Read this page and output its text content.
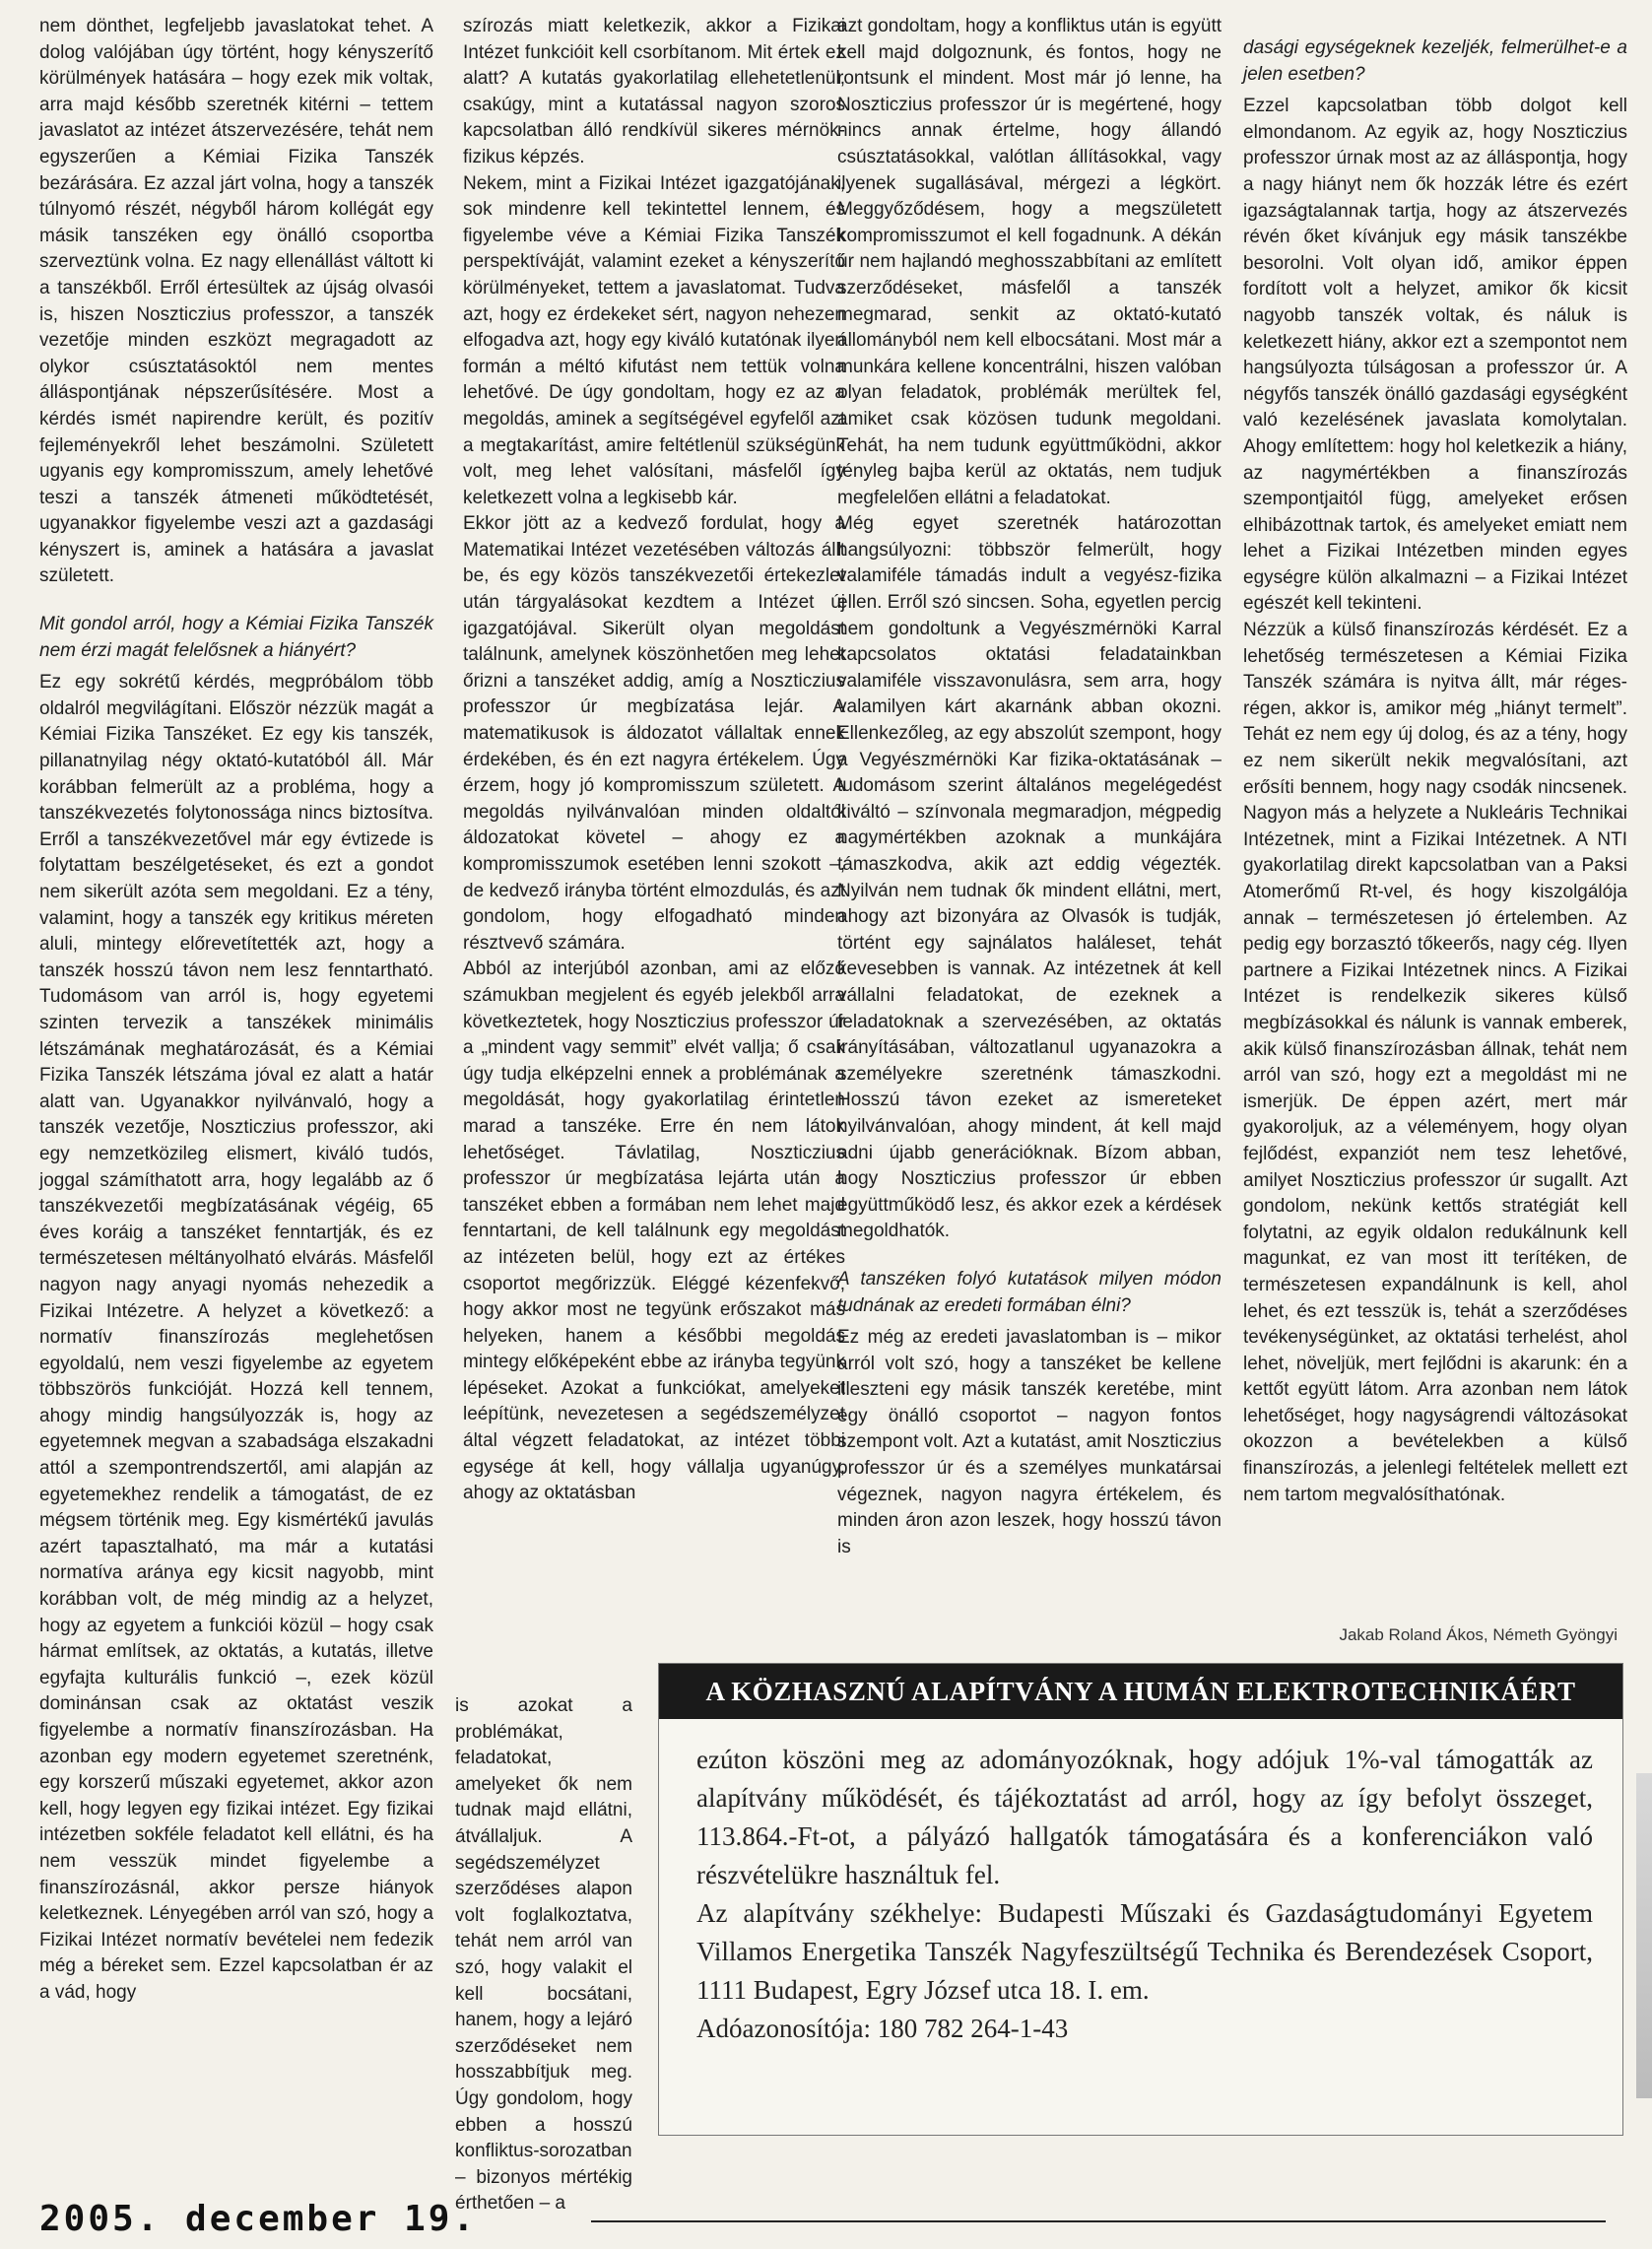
nem dönthet, legfeljebb javaslatokat tehet. A dolog valójában úgy történt, hogy kényszerítő körülmények hatására – hogy ezek mik voltak, arra majd később szeretnék kitérni – tettem javaslatot az intézet átszervezésére, tehát nem egyszerűen a Kémiai Fizika Tanszék bezárására. Ez azzal járt volna, hogy a tanszék túlnyomó részét, négyből három kollégát egy másik tanszéken egy önálló csoportba szerveztünk volna. Ez nagy ellenállást váltott ki a tanszékből. Erről értesültek az újság olvasói is, hiszen Noszticzius professzor, a tanszék vezetője minden eszközt megragadott az olykor csúsztatásoktól nem mentes álláspontjának népszerűsítésére. Most a kérdés ismét napirendre került, és pozitív fejleményekről lehet beszámolni. Született ugyanis egy kompromisszum, amely lehetővé teszi a tanszék átmeneti működtetését, ugyanakkor figyelembe veszi azt a gazdasági kényszert is, aminek a hatására a javaslat született.

Mit gondol arról, hogy a Kémiai Fizika Tanszék nem érzi magát felelősnek a hiányért?

Ez egy sokrétű kérdés, megpróbálom több oldalról megvilágítani. Először nézzük magát a Kémiai Fizika Tanszéket. Ez egy kis tanszék, pillanatnyilag négy oktató-kutatóból áll. Már korábban felmerült az a probléma, hogy a tanszékvezetés folytonossága nincs biztosítva. Erről a tanszékvezetővel már egy évtizede is folytattam beszélgetéseket, és ezt a gondot nem sikerült azóta sem megoldani. Ez a tény, valamint, hogy a tanszék egy kritikus méreten aluli, mintegy előrevetítették azt, hogy a tanszék hosszú távon nem lesz fenntartható. Tudomásom van arról is, hogy egyetemi szinten tervezik a tanszékek minimális létszámának meghatározását, és a Kémiai Fizika Tanszék létszáma jóval ez alatt a határ alatt van. Ugyanakkor nyilvánvaló, hogy a tanszék vezetője, Noszticzius professzor, aki egy nemzetközileg elismert, kiváló tudós, joggal számíthatott arra, hogy legalább az ő tanszékvezetői megbízatásának végéig, 65 éves koráig a tanszéket fenntartják, és ez természetesen méltányolható elvárás. Másfelől nagyon nagy anyagi nyomás nehezedik a Fizikai Intézetre. A helyzet a következő: a normatív finanszírozás meglehetősen egyoldalú, nem veszi figyelembe az egyetem többszörös funkcióját. Hozzá kell tennem, ahogy mindig hangsúlyozzák is, hogy az egyetemnek megvan a szabadsága elszakadni attól a szempontrendszertől, ami alapján az egyetemekhez rendelik a támogatást, de ez mégsem történik meg. Egy kismértékű javulás azért tapasztalható, ma már a kutatási normatíva aránya egy kicsit nagyobb, mint korábban volt, de még mindig az a helyzet, hogy az egyetem a funkciói közül – hogy csak hármat említsek, az oktatás, a kutatás, illetve egyfajta kulturális funkció –, ezek közül dominánsan csak az oktatást veszik figyelembe a normatív finanszírozásban. Ha azonban egy modern egyetemet szeretnénk, egy korszerű műszaki egyetemet, akkor azon kell, hogy legyen egy fizikai intézet. Egy fizikai intézetben sokféle feladatot kell ellátni, és ha nem vesszük mindet figyelembe a finanszírozásnál, akkor persze hiányok keletkeznek. Lényegében arról van szó, hogy a Fizikai Intézet normatív bevételei nem fedezik még a béreket sem. Ezzel kapcsolatban ér az a vád, hogy

szírozás miatt keletkezik, akkor a Fizikai Intézet funkcióit kell csorbítanom. Mit értek ez alatt? A kutatás gyakorlatilag ellehetetlenül, csakúgy, mint a kutatással nagyon szoros kapcsolatban álló rendkívül sikeres mérnök-fizikus képzés.

Nekem, mint a Fizikai Intézet igazgatójának, sok mindenre kell tekintettel lennem, és figyelembe véve a Kémiai Fizika Tanszék perspektíváját, valamint ezeket a kényszerítő körülményeket, tettem a javaslatomat. Tudva azt, hogy ez érdekeket sért, nagyon nehezen elfogadva azt, hogy egy kiváló kutatónak ilyen formán a méltó kifutást nem tettük volna lehetővé. De úgy gondoltam, hogy ez az a megoldás, aminek a segítségével egyfelől azt a megtakarítást, amire feltétlenül szükségünk volt, meg lehet valósítani, másfelől így keletkezett volna a legkisebb kár.

Ekkor jött az a kedvező fordulat, hogy a Matematikai Intézet vezetésében változás állt be, és egy közös tanszékvezetői értekezlet után tárgyalásokat kezdtem a Intézet új igazgatójával. Sikerült olyan megoldást találnunk, amelynek köszönhetően meg lehet őrizni a tanszéket addig, amíg a Noszticzius professzor úr megbízatása lejár. A matematikusok is áldozatot vállaltak ennek érdekében, és én ezt nagyra értékelem. Úgy érzem, hogy jó kompromisszum született. A megoldás nyilvánvalóan minden oldaltól áldozatokat követel – ahogy ez a kompromisszumok esetében lenni szokott –, de kedvező irányba történt elmozdulás, és azt gondolom, hogy elfogadható minden résztvevő számára.

Abból az interjúból azonban, ami az előző számukban megjelent és egyéb jelekből arra következtetek, hogy Noszticzius professzor úr a „mindent vagy semmit” elvét vallja; ő csak úgy tudja elképzelni ennek a problémának a megoldását, hogy gyakorlatilag érintetlen marad a tanszéke. Erre én nem látok lehetőséget. Távlatilag, Noszticzius professzor úr megbízatása lejárta után a tanszéket ebben a formában nem lehet majd fenntartani, de kell találnunk egy megoldást az intézeten belül, hogy ezt az értékes csoportot megőrizzük. Eléggé kézenfekvő, hogy akkor most ne tegyünk erőszakot más helyeken, hanem a későbbi megoldás mintegy előképeként ebbe az irányba tegyünk lépéseket. Azokat a funkciókat, amelyeket leépítünk, nevezetesen a segédszemélyzet által végzett feladatokat, az intézet többi egysége át kell, hogy vállalja ugyanúgy, ahogy az oktatásban

is azokat a problémákat, feladatokat, amelyeket ők nem tudnak majd ellátni, átvállaljuk. A segédszemélyzet szerződéses alapon volt foglalkoztatva, tehát nem arról van szó, hogy valakit el kell bocsátani, hanem, hogy a lejáró szerződéseket nem hosszabbítjuk meg. Úgy gondolom, hogy ebben a hosszú konfliktus-sorozatban – bizonyos mértékig érthetően – a

azt gondoltam, hogy a konfliktus után is együtt kell majd dolgoznunk, és fontos, hogy ne rontsunk el mindent. Most már jó lenne, ha Noszticzius professzor úr is megértené, hogy nincs annak értelme, hogy állandó csúsztatásokkal, valótlan állításokkal, vagy ilyenek sugallásával, mérgezi a légkört. Meggyőződésem, hogy a megszületett kompromisszumot el kell fogadnunk. A dékán úr nem hajlandó meghosszabbítani az említett szerződéseket, másfelől a tanszék megmarad, senkit az oktató-kutató állományból nem kell elbocsátani. Most már a munkára kellene koncentrálni, hiszen valóban olyan feladatok, problémák merültek fel, amiket csak közösen tudunk megoldani. Tehát, ha nem tudunk együttműködni, akkor tényleg bajba kerül az oktatás, nem tudjuk megfelelően ellátni a feladatokat.

Még egyet szeretnék határozottan hangsúlyozni: többször felmerült, hogy valamiféle támadás indult a vegyész-fizika ellen. Erről szó sincsen. Soha, egyetlen percig nem gondoltunk a Vegyészmérnöki Karral kapcsolatos oktatási feladatainkban valamiféle visszavonulásra, sem arra, hogy valamilyen kárt akarnánk abban okozni. Ellenkezőleg, az egy abszolút szempont, hogy a Vegyészmérnöki Kar fizika-oktatásának – tudomásom szerint általános megelégedést kiváltó – színvonala megmaradjon, mégpedig nagymértékben azoknak a munkájára támaszkodva, akik azt eddig végezték. Nyilván nem tudnak ők mindent ellátni, mert, ahogy azt bizonyára az Olvasók is tudják, történt egy sajnálatos haláleset, tehát kevesebben is vannak. Az intézetnek át kell vállalni feladatokat, de ezeknek a feladatoknak a szervezésében, az oktatás irányításában, változatlanul ugyanazokra a személyekre szeretnénk támaszkodni. Hosszú távon ezeket az ismereteket nyilvánvalóan, ahogy mindent, át kell majd adni újabb generációknak. Bízom abban, hogy Noszticzius professzor úr ebben együttműködő lesz, és akkor ezek a kérdések megoldhatók.

A tanszéken folyó kutatások milyen módon tudnának az eredeti formában élni?

Ez még az eredeti javaslatomban is – mikor arról volt szó, hogy a tanszéket be kellene illeszteni egy másik tanszék keretébe, mint egy önálló csoportot – nagyon fontos szempont volt. Azt a kutatást, amit Noszticzius professzor úr és a személyes munkatársai végeznek, nagyon nagyra értékelem, és minden áron azon leszek, hogy hosszú távon is

dasági egységeknek kezeljék, felmerülhet-e a jelen esetben?

Ezzel kapcsolatban több dolgot kell elmondanom. Az egyik az, hogy Noszticzius professzor úrnak most az az álláspontja, hogy a nagy hiányt nem ők hozzák létre és ezért igazságtalannak tartja, hogy az átszervezés révén őket kívánjuk egy másik tanszékbe besorolni. Volt olyan idő, amikor éppen fordított volt a helyzet, amikor ők kicsit nagyobb tanszék voltak, és náluk is keletkezett hiány, akkor ezt a szempontot nem hangsúlyozta túlságosan a professzor úr. A négyfős tanszék önálló gazdasági egységként való kezelésének javaslata komolytalan. Ahogy említettem: hogy hol keletkezik a hiány, az nagymértékben a finanszírozás szempontjaitól függ, amelyeket erősen elhibázottnak tartok, és amelyeket emiatt nem lehet a Fizikai Intézetben minden egyes egységre külön alkalmazni – a Fizikai Intézet egészét kell tekinteni.

Nézzük a külső finanszírozás kérdését. Ez a lehetőség természetesen a Kémiai Fizika Tanszék számára is nyitva állt, már réges-régen, akkor is, amikor még „hiányt termelt”. Tehát ez nem egy új dolog, és az a tény, hogy ez nem sikerült nekik megvalósítani, azt erősíti bennem, hogy nagy csodák nincsenek. Nagyon más a helyzete a Nukleáris Technikai Intézetnek, mint a Fizikai Intézetnek. A NTI gyakorlatilag direkt kapcsolatban van a Paksi Atomerőmű Rt-vel, és hogy kiszolgálója annak – természetesen jó értelemben. Az pedig egy borzasztó tőkeerős, nagy cég. Ilyen partnere a Fizikai Intézetnek nincs. A Fizikai Intézet is rendelkezik sikeres külső megbízásokkal és nálunk is vannak emberek, akik külső finanszírozásban állnak, tehát nem arról van szó, hogy ezt a megoldást mi ne ismerjük. De éppen azért, mert már gyakoroljuk, az a véleményem, hogy olyan fejlődést, expanziót nem tesz lehetővé, amilyet Noszticzius professzor úr sugallt. Azt gondolom, nekünk kettős stratégiát kell folytatni, az egyik oldalon redukálnunk kell magunkat, ez van most itt terítéken, de természetesen expandálnunk is kell, ahol lehet, és ezt tesszük is, tehát a szerződéses tevékenységünket, az oktatási terhelést, ahol lehet, növeljük, mert fejlődni is akarunk: én a kettőt együtt látom. Arra azonban nem látok lehetőséget, hogy nagyságrendi változásokat okozzon a bevételekben a külső finanszírozás, a jelenlegi feltételek mellett ezt nem tartom megvalósíthatónak.

Jakab Roland Ákos, Németh Gyöngyi
A KÖZHASZNÚ ALAPÍTVÁNY A HUMÁN ELEKTROTECHNIKÁÉRT

ezúton köszöni meg az adományozóknak, hogy adójuk 1%-val támogatták az alapítvány működését, és tájékoztatást ad arról, hogy az így befolyt összeget, 113.864.-Ft-ot, a pályázó hallgatók támogatására és a konferenciákon való részvételükre használtuk fel.

Az alapítvány székhelye: Budapesti Műszaki és Gazdaságtudományi Egyetem Villamos Energetika Tanszék Nagyfeszültségű Technika és Berendezések Csoport, 1111 Budapest, Egry József utca 18. I. em.

Adóazonosítója: 180 782 264-1-43

2005. december 19.
